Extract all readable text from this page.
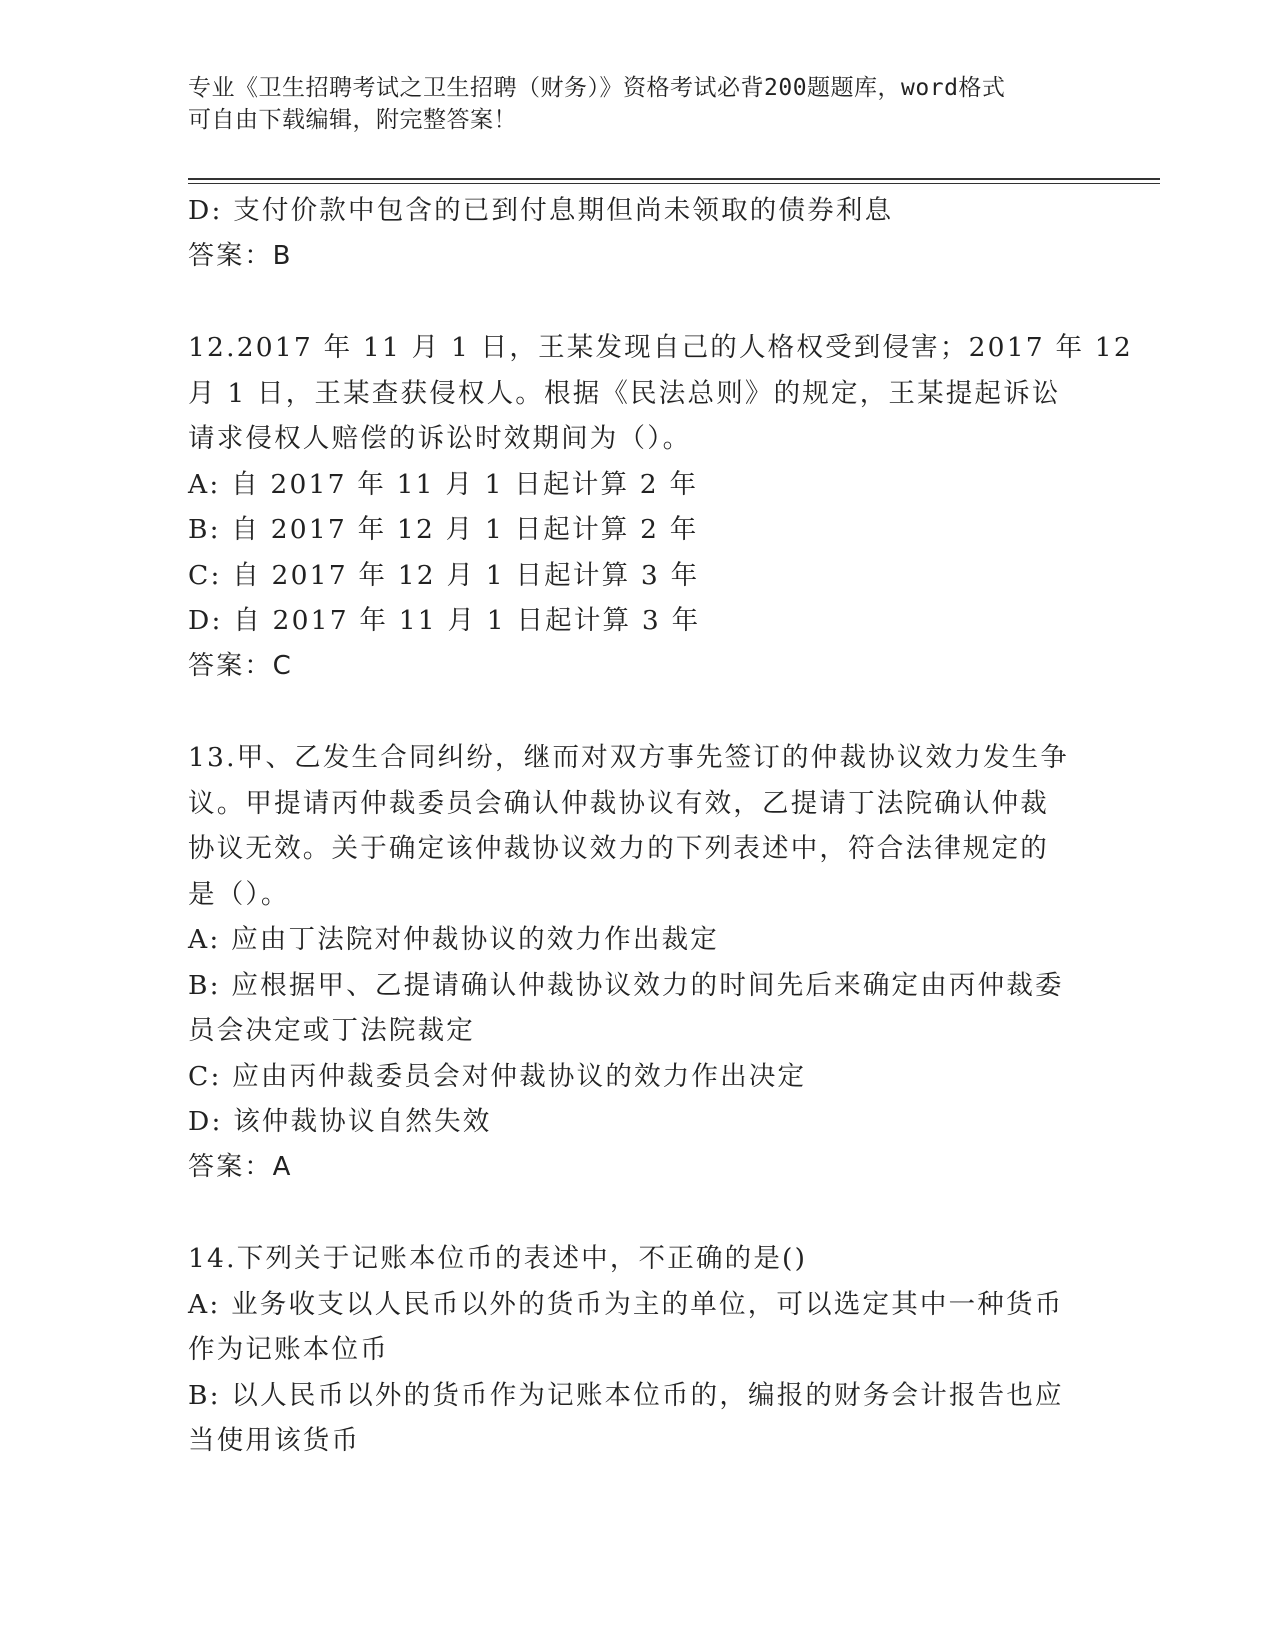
专业《卫生招聘考试之卫生招聘（财务）》资格考试必背200题题库，word格式
可自由下载编辑，附完整答案！
D: 支付价款中包含的已到付息期但尚未领取的债券利息
答案：B
12.2017 年 11 月 1 日，王某发现自己的人格权受到侵害；2017 年 12
月 1 日，王某查获侵权人。根据《民法总则》的规定，王某提起诉讼
请求侵权人赔偿的诉讼时效期间为（）。
A: 自 2017 年 11 月 1 日起计算 2 年
B: 自 2017 年 12 月 1 日起计算 2 年
C: 自 2017 年 12 月 1 日起计算 3 年
D: 自 2017 年 11 月 1 日起计算 3 年
答案：C
13.甲、乙发生合同纠纷，继而对双方事先签订的仲裁协议效力发生争
议。甲提请丙仲裁委员会确认仲裁协议有效，乙提请丁法院确认仲裁
协议无效。关于确定该仲裁协议效力的下列表述中，符合法律规定的
是（）。
A: 应由丁法院对仲裁协议的效力作出裁定
B: 应根据甲、乙提请确认仲裁协议效力的时间先后来确定由丙仲裁委
员会决定或丁法院裁定
C: 应由丙仲裁委员会对仲裁协议的效力作出决定
D: 该仲裁协议自然失效
答案：A
14.下列关于记账本位币的表述中，不正确的是()
A: 业务收支以人民币以外的货币为主的单位，可以选定其中一种货币
作为记账本位币
B: 以人民币以外的货币作为记账本位币的，编报的财务会计报告也应
当使用该货币
